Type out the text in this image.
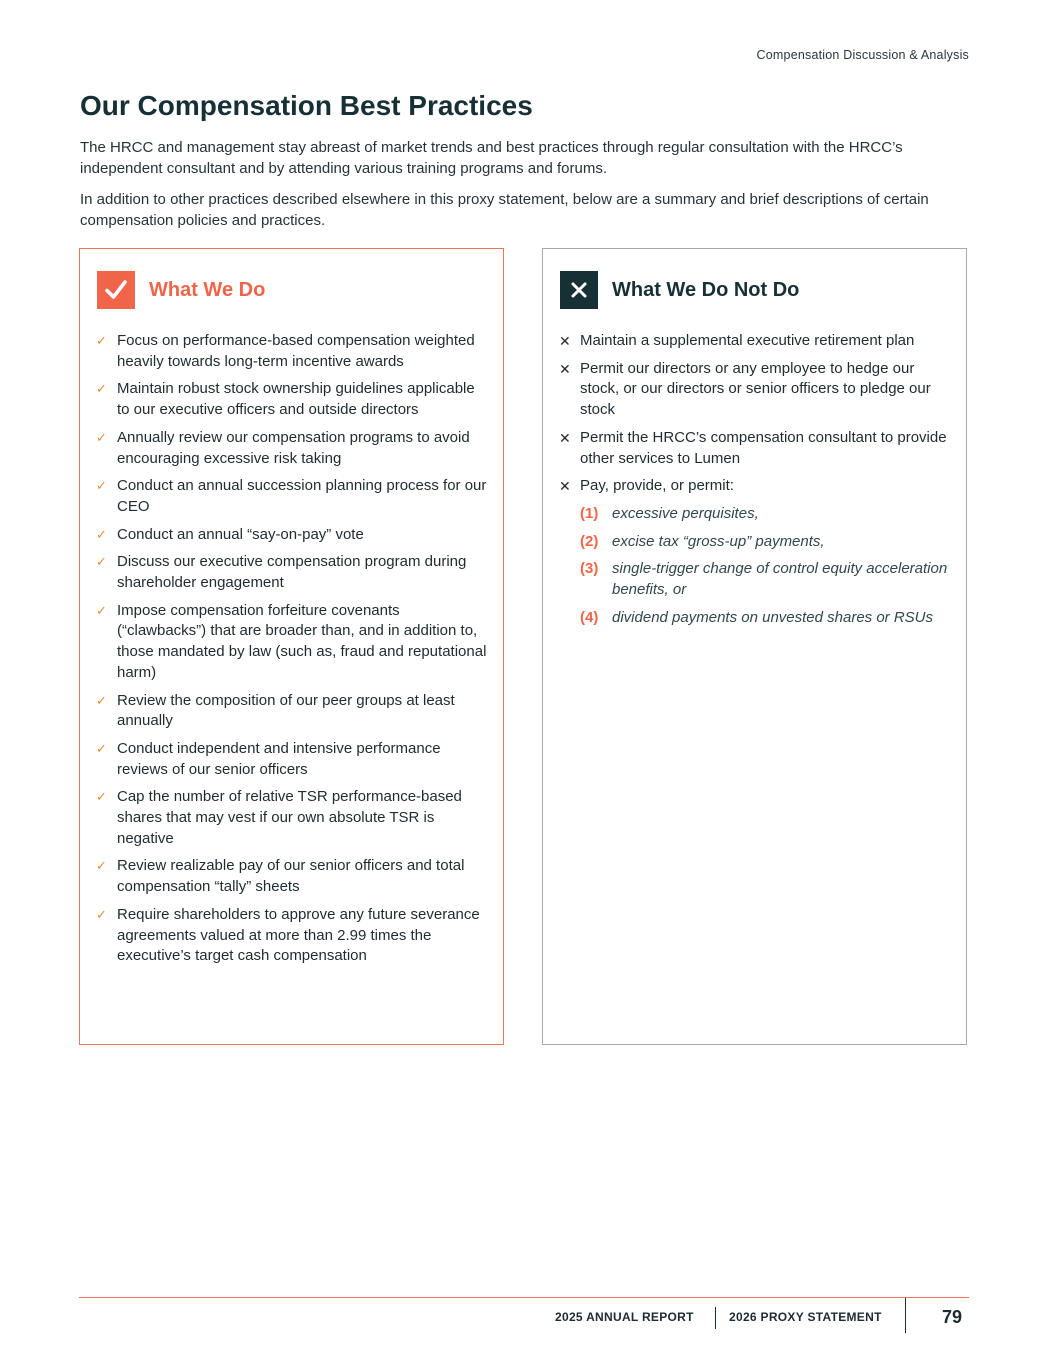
Compensation Discussion & Analysis
Our Compensation Best Practices

The HRCC and management stay abreast of market trends and best practices through regular consultation with the HRCC’s independent consultant and by attending various training programs and forums.

In addition to other practices described elsewhere in this proxy statement, below are a summary and brief descriptions of certain compensation policies and practices.

What We Do
✓ Focus on performance-based compensation weighted heavily towards long-term incentive awards
✓ Maintain robust stock ownership guidelines applicable to our executive officers and outside directors
✓ Annually review our compensation programs to avoid encouraging excessive risk taking
✓ Conduct an annual succession planning process for our CEO
✓ Conduct an annual “say-on-pay” vote
✓ Discuss our executive compensation program during shareholder engagement
✓ Impose compensation forfeiture covenants (“clawbacks”) that are broader than, and in addition to, those mandated by law (such as, fraud and reputational harm)
✓ Review the composition of our peer groups at least annually
✓ Conduct independent and intensive performance reviews of our senior officers
✓ Cap the number of relative TSR performance-based shares that may vest if our own absolute TSR is negative
✓ Review realizable pay of our senior officers and total compensation “tally” sheets
✓ Require shareholders to approve any future severance agreements valued at more than 2.99 times the executive’s target cash compensation
What We Do Not Do
✕ Maintain a supplemental executive retirement plan
✕ Permit our directors or any employee to hedge our stock, or our directors or senior officers to pledge our stock
✕ Permit the HRCC’s compensation consultant to provide other services to Lumen
✕ Pay, provide, or permit:
(1) excessive perquisites,
(2) excise tax “gross-up” payments,
(3) single-trigger change of control equity acceleration benefits, or
(4) dividend payments on unvested shares or RSUs
2025 ANNUAL REPORT	2026 PROXY STATEMENT	79
